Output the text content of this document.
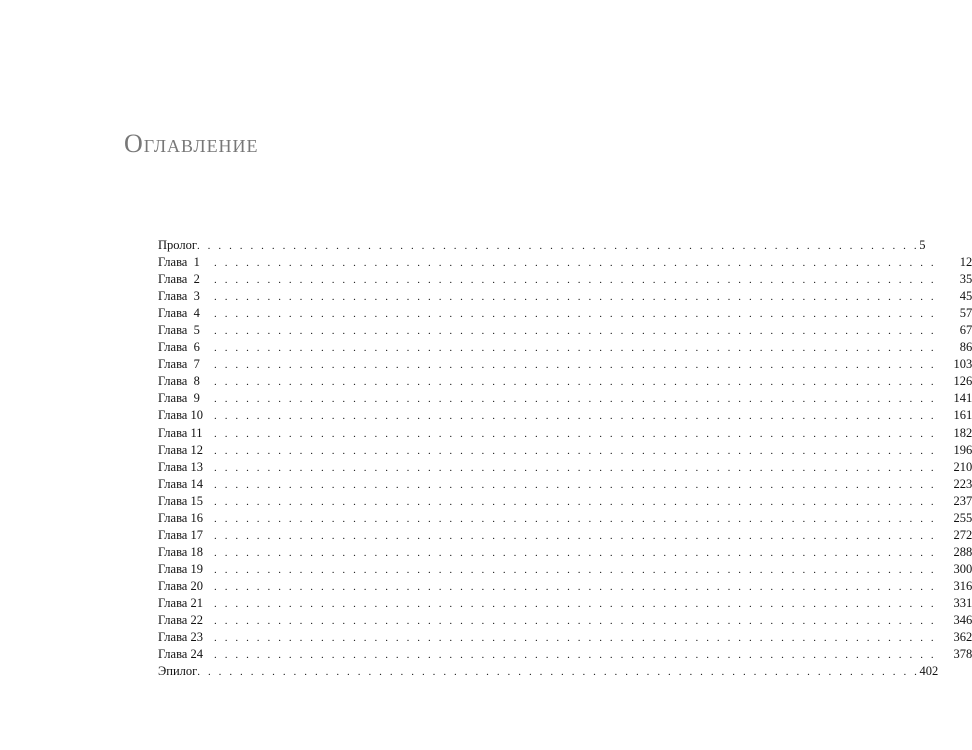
Оглавление
Пролог . . . . . . . . . . . . . . . . . . . . . . . . . . . . . . . . . . . . . . . . . . . . . . . . . . . . . . . . . . . . . . . . . . . . 5
Глава  1	. . . . . . . . . . . . . . . . . . . . . . . . . . . . . . . . . . . . . . . . . . . . . . . . . . . . . . . . . . . . . . . . . . . .	12
Глава  2	. . . . . . . . . . . . . . . . . . . . . . . . . . . . . . . . . . . . . . . . . . . . . . . . . . . . . . . . . . . . . . . . . . . .	35
Глава  3	. . . . . . . . . . . . . . . . . . . . . . . . . . . . . . . . . . . . . . . . . . . . . . . . . . . . . . . . . . . . . . . . . . . .	45
Глава  4	. . . . . . . . . . . . . . . . . . . . . . . . . . . . . . . . . . . . . . . . . . . . . . . . . . . . . . . . . . . . . . . . . . . .	57
Глава  5	. . . . . . . . . . . . . . . . . . . . . . . . . . . . . . . . . . . . . . . . . . . . . . . . . . . . . . . . . . . . . . . . . . . .	67
Глава  6	. . . . . . . . . . . . . . . . . . . . . . . . . . . . . . . . . . . . . . . . . . . . . . . . . . . . . . . . . . . . . . . . . . . .	86
Глава  7	. . . . . . . . . . . . . . . . . . . . . . . . . . . . . . . . . . . . . . . . . . . . . . . . . . . . . . . . . . . . . . . . . . . .	103
Глава  8	. . . . . . . . . . . . . . . . . . . . . . . . . . . . . . . . . . . . . . . . . . . . . . . . . . . . . . . . . . . . . . . . . . . .	126
Глава  9	. . . . . . . . . . . . . . . . . . . . . . . . . . . . . . . . . . . . . . . . . . . . . . . . . . . . . . . . . . . . . . . . . . . .	141
Глава 10	. . . . . . . . . . . . . . . . . . . . . . . . . . . . . . . . . . . . . . . . . . . . . . . . . . . . . . . . . . . . . . . . . . . .	161
Глава 11	. . . . . . . . . . . . . . . . . . . . . . . . . . . . . . . . . . . . . . . . . . . . . . . . . . . . . . . . . . . . . . . . . . . .	182
Глава 12	. . . . . . . . . . . . . . . . . . . . . . . . . . . . . . . . . . . . . . . . . . . . . . . . . . . . . . . . . . . . . . . . . . . .	196
Глава 13	. . . . . . . . . . . . . . . . . . . . . . . . . . . . . . . . . . . . . . . . . . . . . . . . . . . . . . . . . . . . . . . . . . . .	210
Глава 14	. . . . . . . . . . . . . . . . . . . . . . . . . . . . . . . . . . . . . . . . . . . . . . . . . . . . . . . . . . . . . . . . . . . .	223
Глава 15	. . . . . . . . . . . . . . . . . . . . . . . . . . . . . . . . . . . . . . . . . . . . . . . . . . . . . . . . . . . . . . . . . . . .	237
Глава 16	. . . . . . . . . . . . . . . . . . . . . . . . . . . . . . . . . . . . . . . . . . . . . . . . . . . . . . . . . . . . . . . . . . . .	255
Глава 17	. . . . . . . . . . . . . . . . . . . . . . . . . . . . . . . . . . . . . . . . . . . . . . . . . . . . . . . . . . . . . . . . . . . .	272
Глава 18	. . . . . . . . . . . . . . . . . . . . . . . . . . . . . . . . . . . . . . . . . . . . . . . . . . . . . . . . . . . . . . . . . . . .	288
Глава 19	. . . . . . . . . . . . . . . . . . . . . . . . . . . . . . . . . . . . . . . . . . . . . . . . . . . . . . . . . . . . . . . . . . . .	300
Глава 20	. . . . . . . . . . . . . . . . . . . . . . . . . . . . . . . . . . . . . . . . . . . . . . . . . . . . . . . . . . . . . . . . . . . .	316
Глава 21	. . . . . . . . . . . . . . . . . . . . . . . . . . . . . . . . . . . . . . . . . . . . . . . . . . . . . . . . . . . . . . . . . . . .	331
Глава 22	. . . . . . . . . . . . . . . . . . . . . . . . . . . . . . . . . . . . . . . . . . . . . . . . . . . . . . . . . . . . . . . . . . . .	346
Глава 23	. . . . . . . . . . . . . . . . . . . . . . . . . . . . . . . . . . . . . . . . . . . . . . . . . . . . . . . . . . . . . . . . . . . .	362
Глава 24	. . . . . . . . . . . . . . . . . . . . . . . . . . . . . . . . . . . . . . . . . . . . . . . . . . . . . . . . . . . . . . . . . . . .	378
Эпилог . . . . . . . . . . . . . . . . . . . . . . . . . . . . . . . . . . . . . . . . . . . . . . . . . . . . . . . . . . . . . . . . . . . . 402
